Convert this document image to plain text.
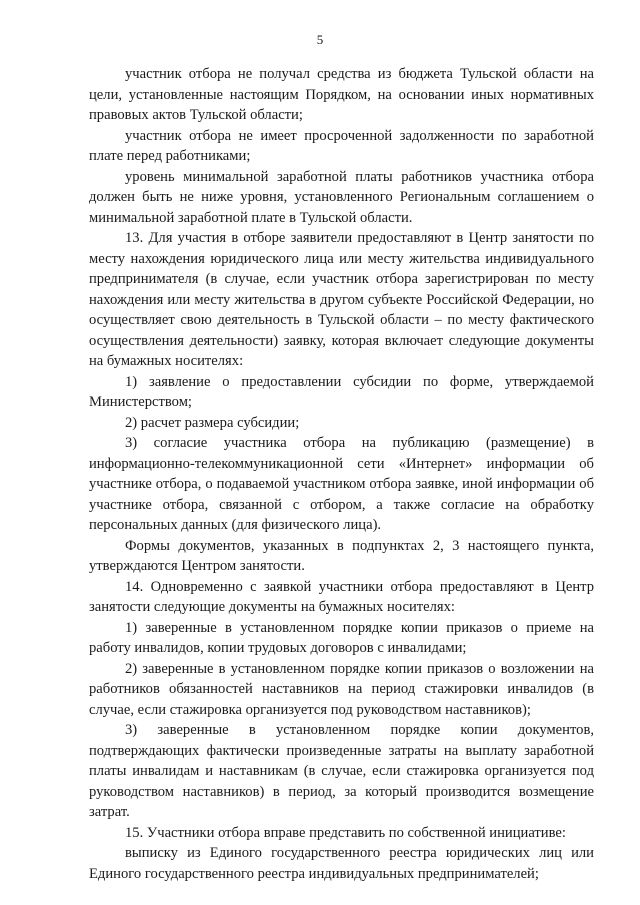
5

участник отбора не получал средства из бюджета Тульской области на цели, установленные настоящим Порядком, на основании иных нормативных правовых актов Тульской области;

участник отбора не имеет просроченной задолженности по заработной плате перед работниками;

уровень минимальной заработной платы работников участника отбора должен быть не ниже уровня, установленного Региональным соглашением о минимальной заработной плате в Тульской области.

13. Для участия в отборе заявители предоставляют в Центр занятости по месту нахождения юридического лица или месту жительства индивидуального предпринимателя (в случае, если участник отбора зарегистрирован по месту нахождения или месту жительства в другом субъекте Российской Федерации, но осуществляет свою деятельность в Тульской области – по месту фактического осуществления деятельности) заявку, которая включает следующие документы на бумажных носителях:

1) заявление о предоставлении субсидии по форме, утверждаемой Министерством;

2) расчет размера субсидии;

3) согласие участника отбора на публикацию (размещение) в информационно-телекоммуникационной сети «Интернет» информации об участнике отбора, о подаваемой участником отбора заявке, иной информации об участнике отбора, связанной с отбором, а также согласие на обработку персональных данных (для физического лица).

Формы документов, указанных в подпунктах 2, 3 настоящего пункта, утверждаются Центром занятости.

14. Одновременно с заявкой участники отбора предоставляют в Центр занятости следующие документы на бумажных носителях:

1) заверенные в установленном порядке копии приказов о приеме на работу инвалидов, копии трудовых договоров с инвалидами;

2) заверенные в установленном порядке копии приказов о возложении на работников обязанностей наставников на период стажировки инвалидов (в случае, если стажировка организуется под руководством наставников);

3) заверенные в установленном порядке копии документов, подтверждающих фактически произведенные затраты на выплату заработной платы инвалидам и наставникам (в случае, если стажировка организуется под руководством наставников) в период, за который производится возмещение затрат.

15. Участники отбора вправе представить по собственной инициативе:

выписку из Единого государственного реестра юридических лиц или Единого государственного реестра индивидуальных предпринимателей;
